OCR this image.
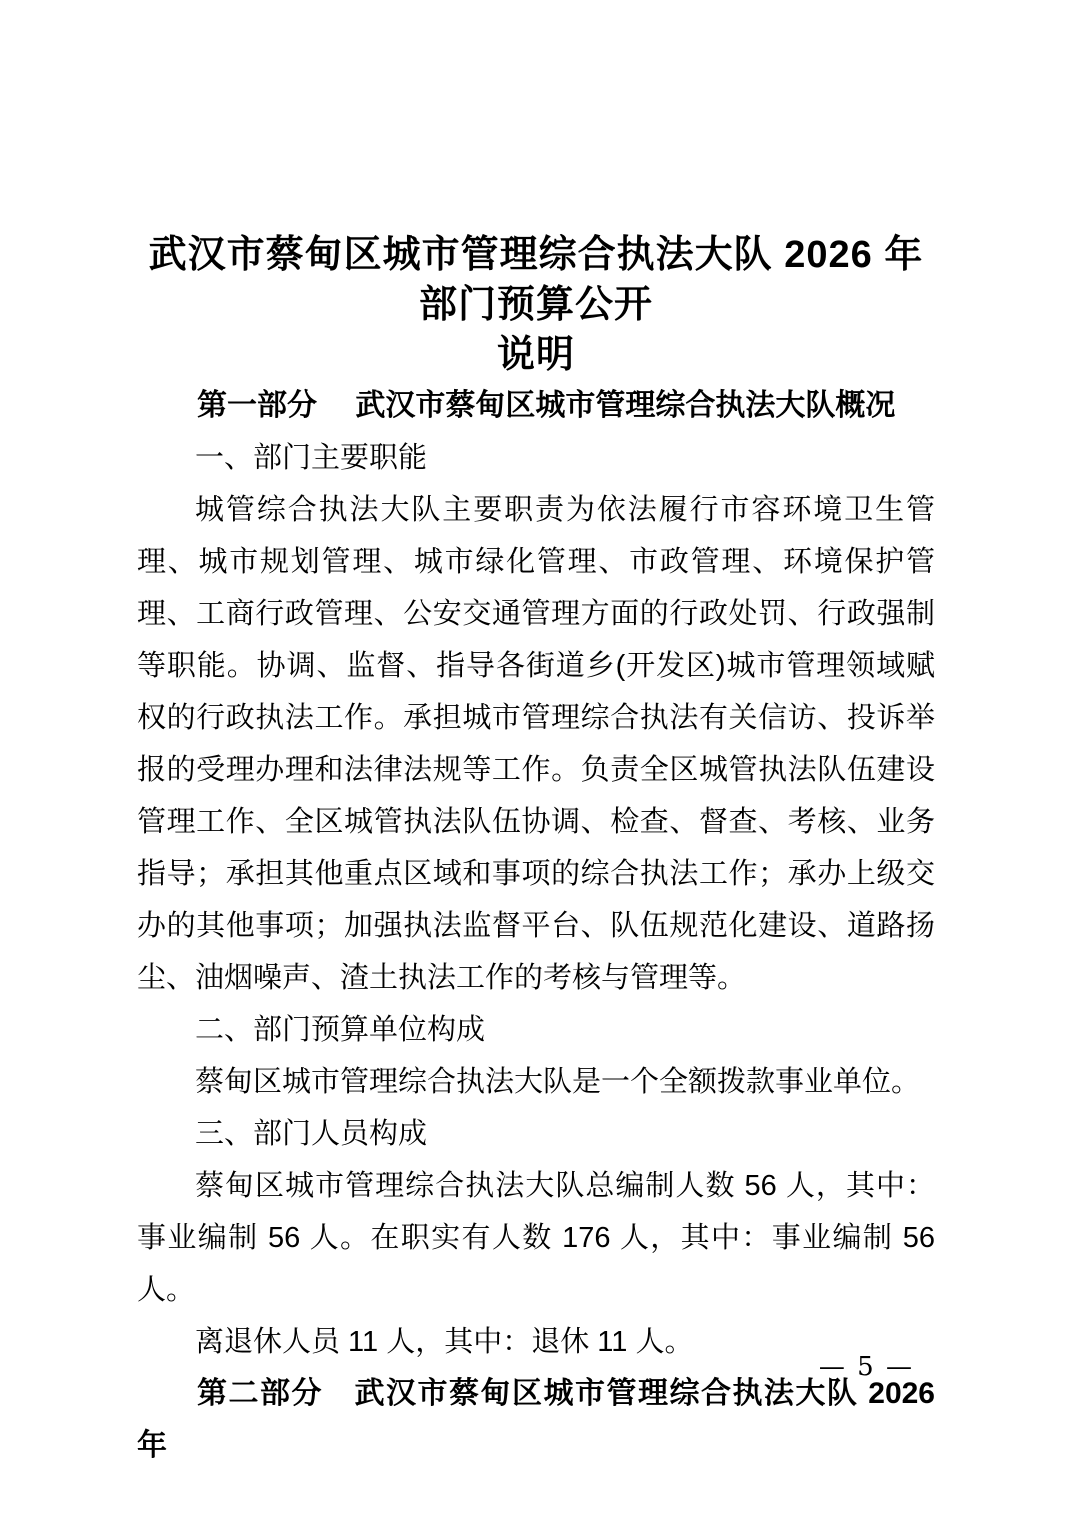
武汉市蔡甸区城市管理综合执法大队 2026 年
部门预算公开
说明
第一部分　 武汉市蔡甸区城市管理综合执法大队概况

一、部门主要职能

城管综合执法大队主要职责为依法履行市容环境卫生管理、城市规划管理、城市绿化管理、市政管理、环境保护管理、工商行政管理、公安交通管理方面的行政处罚、行政强制等职能。协调、监督、指导各街道乡(开发区)城市管理领域赋权的行政执法工作。承担城市管理综合执法有关信访、投诉举报的受理办理和法律法规等工作。负责全区城管执法队伍建设管理工作、全区城管执法队伍协调、检查、督查、考核、业务指导；承担其他重点区域和事项的综合执法工作；承办上级交办的其他事项；加强执法监督平台、队伍规范化建设、道路扬尘、油烟噪声、渣土执法工作的考核与管理等。

二、部门预算单位构成

蔡甸区城市管理综合执法大队是一个全额拨款事业单位。

三、部门人员构成

蔡甸区城市管理综合执法大队总编制人数 56 人，其中：事业编制 56 人。在职实有人数 176 人，其中：事业编制 56 人。

离退休人员 11 人，其中：退休 11 人。

第二部分　武汉市蔡甸区城市管理综合执法大队 2026 年
— 5 —
